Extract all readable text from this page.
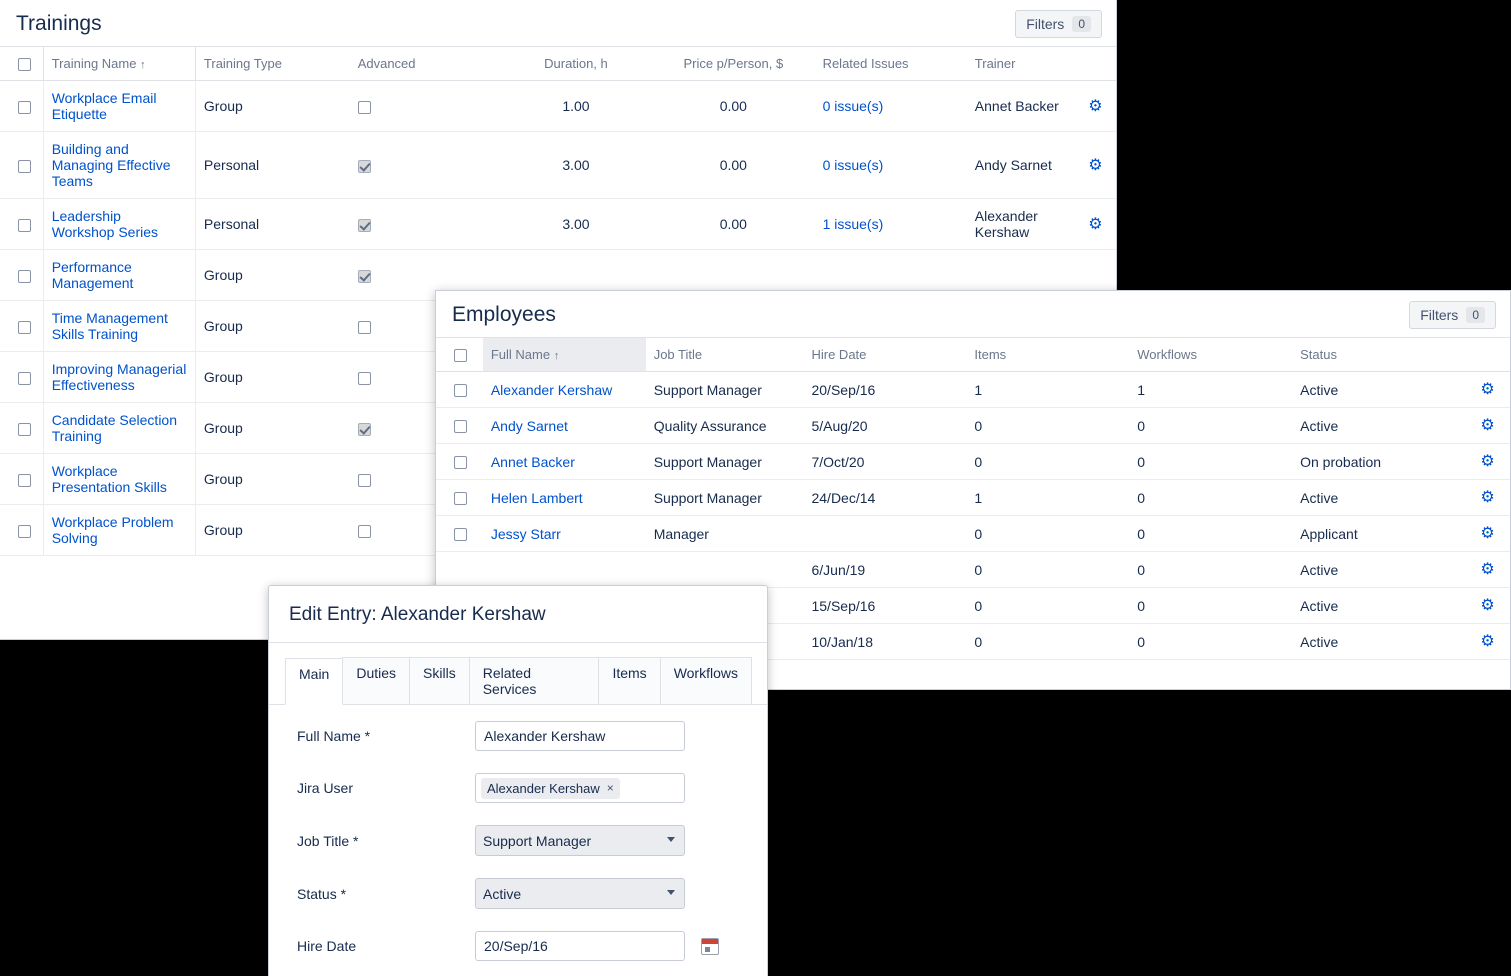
Trainings	Filters	0
	Training Name ↑	Training Type	Advanced	Duration, h	Price p/Person, $	Related Issues	Trainer	
	Workplace Email Etiquette	Group		1.00	0.00	0 issue(s)	Annet Backer	⚙
	Building and Managing Effective Teams	Personal		3.00	0.00	0 issue(s)	Andy Sarnet	⚙
	Leadership Workshop Series	Personal		3.00	0.00	1 issue(s)	Alexander Kershaw	⚙
	Performance Management	Group						
	Time Management Skills Training	Group						
	Improving Managerial Effectiveness	Group						
	Candidate Selection Training	Group						
	Workplace Presentation Skills	Group						
	Workplace Problem Solving	Group						
Employees	Filters	0
	Full Name ↑	Job Title	Hire Date	Items	Workflows	Status	
	Alexander Kershaw	Support Manager	20/Sep/16	1	1	Active	⚙
	Andy Sarnet	Quality Assurance	5/Aug/20	0	0	Active	⚙
	Annet Backer	Support Manager	7/Oct/20	0	0	On probation	⚙
	Helen Lambert	Support Manager	24/Dec/14	1	0	Active	⚙
	Jessy Starr	Manager		0	0	Applicant	⚙
			6/Jun/19	0	0	Active	⚙
			15/Sep/16	0	0	Active	⚙
			10/Jan/18	0	0	Active	⚙
Edit Entry: Alexander Kershaw
Main	Duties	Skills	Related Services
Items	Workflows
Full Name *
Alexander Kershaw
Jira User	Alexander Kershaw ×
Job Title *
Support Manager
Status *
Active
Hire Date
20/Sep/16
